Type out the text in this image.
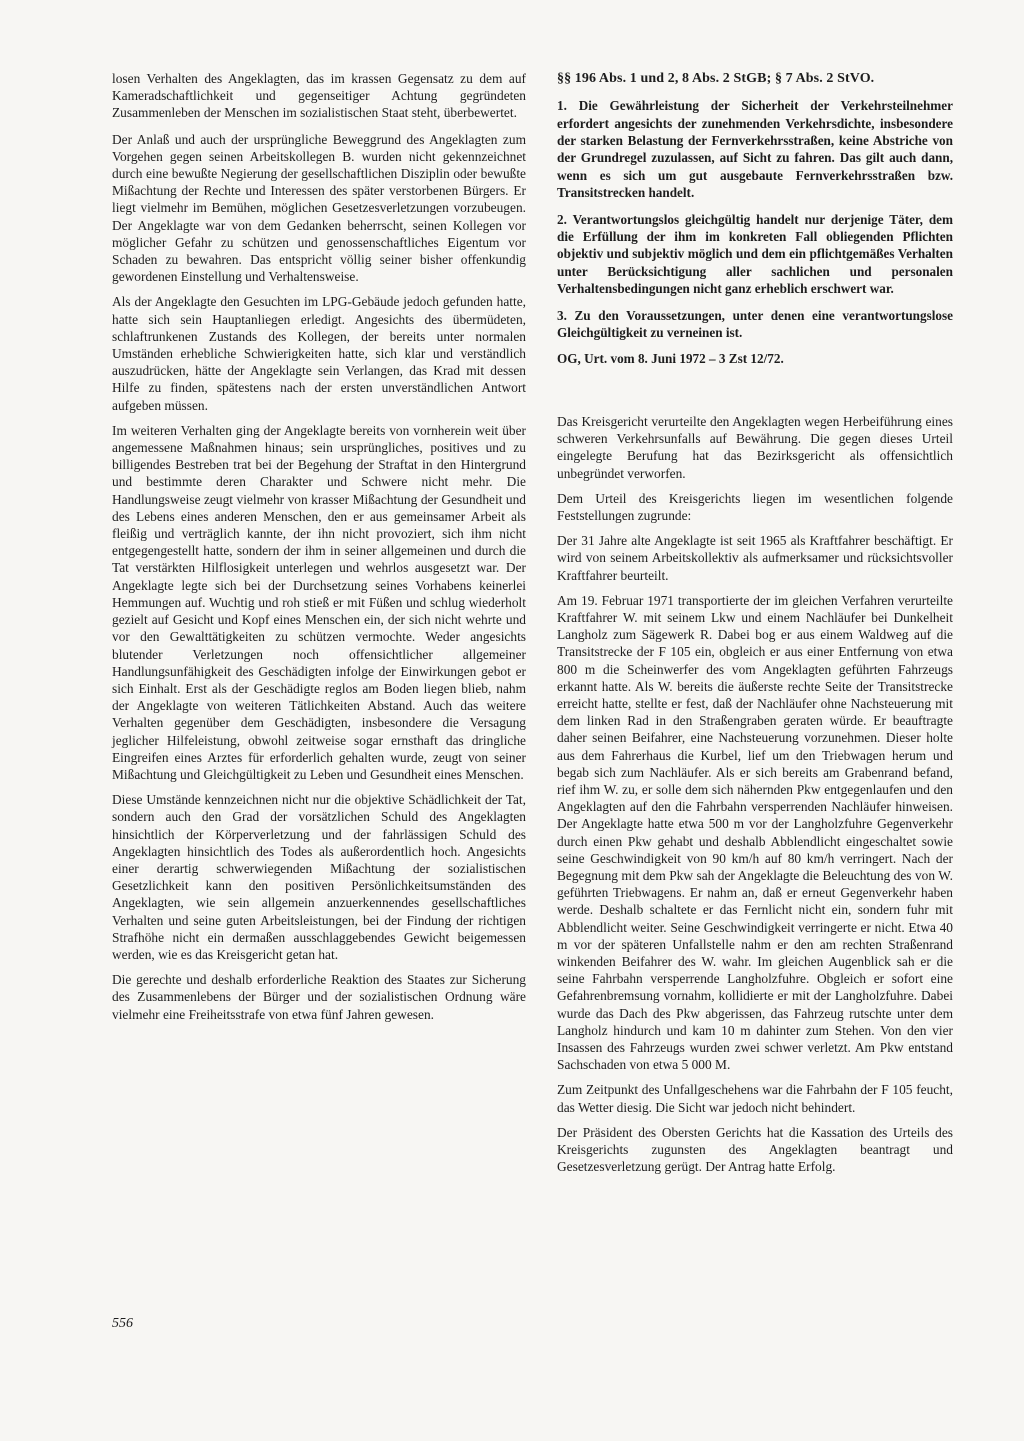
losen Verhalten des Angeklagten, das im krassen Gegensatz zu dem auf Kameradschaftlichkeit und gegenseitiger Achtung gegründeten Zusammenleben der Menschen im sozialistischen Staat steht, überbewertet.

Der Anlaß und auch der ursprüngliche Beweggrund des Angeklagten zum Vorgehen gegen seinen Arbeitskollegen B. wurden nicht gekennzeichnet durch eine bewußte Negierung der gesellschaftlichen Disziplin oder bewußte Mißachtung der Rechte und Interessen des später verstorbenen Bürgers. Er liegt vielmehr im Bemühen, möglichen Gesetzesverletzungen vorzubeugen. Der Angeklagte war von dem Gedanken beherrscht, seinen Kollegen vor möglicher Gefahr zu schützen und genossenschaftliches Eigentum vor Schaden zu bewahren. Das entspricht völlig seiner bisher offenkundig gewordenen Einstellung und Verhaltensweise.

Als der Angeklagte den Gesuchten im LPG-Gebäude jedoch gefunden hatte, hatte sich sein Hauptanliegen erledigt. Angesichts des übermüdeten, schlaftrunkenen Zustands des Kollegen, der bereits unter normalen Umständen erhebliche Schwierigkeiten hatte, sich klar und verständlich auszudrücken, hätte der Angeklagte sein Verlangen, das Krad mit dessen Hilfe zu finden, spätestens nach der ersten unverständlichen Antwort aufgeben müssen.

Im weiteren Verhalten ging der Angeklagte bereits von vornherein weit über angemessene Maßnahmen hinaus; sein ursprüngliches, positives und zu billigendes Bestreben trat bei der Begehung der Straftat in den Hintergrund und bestimmte deren Charakter und Schwere nicht mehr. Die Handlungsweise zeugt vielmehr von krasser Mißachtung der Gesundheit und des Lebens eines anderen Menschen, den er aus gemeinsamer Arbeit als fleißig und verträglich kannte, der ihn nicht provoziert, sich ihm nicht entgegengestellt hatte, sondern der ihm in seiner allgemeinen und durch die Tat verstärkten Hilflosigkeit unterlegen und wehrlos ausgesetzt war. Der Angeklagte legte sich bei der Durchsetzung seines Vorhabens keinerlei Hemmungen auf. Wuchtig und roh stieß er mit Füßen und schlug wiederholt gezielt auf Gesicht und Kopf eines Menschen ein, der sich nicht wehrte und vor den Gewalttätigkeiten zu schützen vermochte. Weder angesichts blutender Verletzungen noch offensichtlicher allgemeiner Handlungsunfähigkeit des Geschädigten infolge der Einwirkungen gebot er sich Einhalt. Erst als der Geschädigte reglos am Boden liegen blieb, nahm der Angeklagte von weiteren Tätlichkeiten Abstand. Auch das weitere Verhalten gegenüber dem Geschädigten, insbesondere die Versagung jeglicher Hilfeleistung, obwohl zeitweise sogar ernsthaft das dringliche Eingreifen eines Arztes für erforderlich gehalten wurde, zeugt von seiner Mißachtung und Gleichgültigkeit zu Leben und Gesundheit eines Menschen.

Diese Umstände kennzeichnen nicht nur die objektive Schädlichkeit der Tat, sondern auch den Grad der vorsätzlichen Schuld des Angeklagten hinsichtlich der Körperverletzung und der fahrlässigen Schuld des Angeklagten hinsichtlich des Todes als außerordentlich hoch. Angesichts einer derartig schwerwiegenden Mißachtung der sozialistischen Gesetzlichkeit kann den positiven Persönlichkeitsumständen des Angeklagten, wie sein allgemein anzuerkennendes gesellschaftliches Verhalten und seine guten Arbeitsleistungen, bei der Findung der richtigen Strafhöhe nicht ein dermaßen ausschlaggebendes Gewicht beigemessen werden, wie es das Kreisgericht getan hat.

Die gerechte und deshalb erforderliche Reaktion des Staates zur Sicherung des Zusammenlebens der Bürger und der sozialistischen Ordnung wäre vielmehr eine Freiheitsstrafe von etwa fünf Jahren gewesen.

§§ 196 Abs. 1 und 2, 8 Abs. 2 StGB; § 7 Abs. 2 StVO.

1. Die Gewährleistung der Sicherheit der Verkehrsteilnehmer erfordert angesichts der zunehmenden Verkehrsdichte, insbesondere der starken Belastung der Fernverkehrsstraßen, keine Abstriche von der Grundregel zuzulassen, auf Sicht zu fahren. Das gilt auch dann, wenn es sich um gut ausgebaute Fernverkehrsstraßen bzw. Transitstrecken handelt.

2. Verantwortungslos gleichgültig handelt nur derjenige Täter, dem die Erfüllung der ihm im konkreten Fall obliegenden Pflichten objektiv und subjektiv möglich und dem ein pflichtgemäßes Verhalten unter Berücksichtigung aller sachlichen und personalen Verhaltensbedingungen nicht ganz erheblich erschwert war.

3. Zu den Voraussetzungen, unter denen eine verantwortungslose Gleichgültigkeit zu verneinen ist.

OG, Urt. vom 8. Juni 1972 – 3 Zst 12/72.

Das Kreisgericht verurteilte den Angeklagten wegen Herbeiführung eines schweren Verkehrsunfalls auf Bewährung. Die gegen dieses Urteil eingelegte Berufung hat das Bezirksgericht als offensichtlich unbegründet verworfen.

Dem Urteil des Kreisgerichts liegen im wesentlichen folgende Feststellungen zugrunde:

Der 31 Jahre alte Angeklagte ist seit 1965 als Kraftfahrer beschäftigt. Er wird von seinem Arbeitskollektiv als aufmerksamer und rücksichtsvoller Kraftfahrer beurteilt.

Am 19. Februar 1971 transportierte der im gleichen Verfahren verurteilte Kraftfahrer W. mit seinem Lkw und einem Nachläufer bei Dunkelheit Langholz zum Sägewerk R. Dabei bog er aus einem Waldweg auf die Transitstrecke der F 105 ein, obgleich er aus einer Entfernung von etwa 800 m die Scheinwerfer des vom Angeklagten geführten Fahrzeugs erkannt hatte. Als W. bereits die äußerste rechte Seite der Transitstrecke erreicht hatte, stellte er fest, daß der Nachläufer ohne Nachsteuerung mit dem linken Rad in den Straßengraben geraten würde. Er beauftragte daher seinen Beifahrer, eine Nachsteuerung vorzunehmen. Dieser holte aus dem Fahrerhaus die Kurbel, lief um den Triebwagen herum und begab sich zum Nachläufer. Als er sich bereits am Grabenrand befand, rief ihm W. zu, er solle dem sich nähernden Pkw entgegenlaufen und den Angeklagten auf den die Fahrbahn versperrenden Nachläufer hinweisen. Der Angeklagte hatte etwa 500 m vor der Langholzfuhre Gegenverkehr durch einen Pkw gehabt und deshalb Abblendlicht eingeschaltet sowie seine Geschwindigkeit von 90 km/h auf 80 km/h verringert. Nach der Begegnung mit dem Pkw sah der Angeklagte die Beleuchtung des von W. geführten Triebwagens. Er nahm an, daß er erneut Gegenverkehr haben werde. Deshalb schaltete er das Fernlicht nicht ein, sondern fuhr mit Abblendlicht weiter. Seine Geschwindigkeit verringerte er nicht. Etwa 40 m vor der späteren Unfallstelle nahm er den am rechten Straßenrand winkenden Beifahrer des W. wahr. Im gleichen Augenblick sah er die seine Fahrbahn versperrende Langholzfuhre. Obgleich er sofort eine Gefahrenbremsung vornahm, kollidierte er mit der Langholzfuhre. Dabei wurde das Dach des Pkw abgerissen, das Fahrzeug rutschte unter dem Langholz hindurch und kam 10 m dahinter zum Stehen. Von den vier Insassen des Fahrzeugs wurden zwei schwer verletzt. Am Pkw entstand Sachschaden von etwa 5 000 M.

Zum Zeitpunkt des Unfallgeschehens war die Fahrbahn der F 105 feucht, das Wetter diesig. Die Sicht war jedoch nicht behindert.

Der Präsident des Obersten Gerichts hat die Kassation des Urteils des Kreisgerichts zugunsten des Angeklagten beantragt und Gesetzesverletzung gerügt. Der Antrag hatte Erfolg.

556
